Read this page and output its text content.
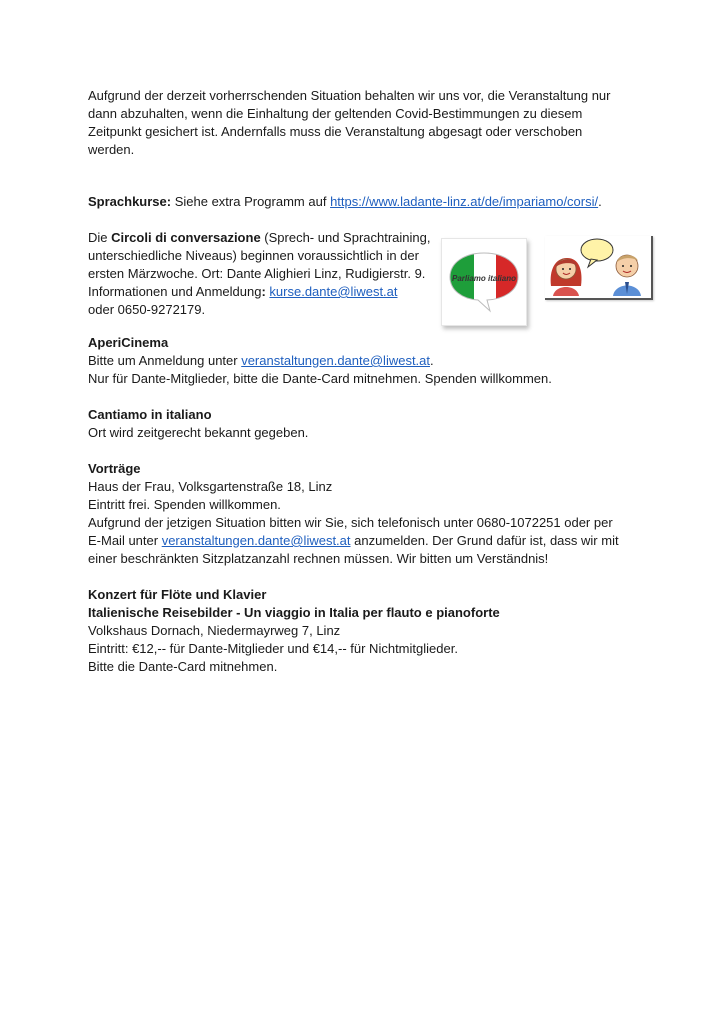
Aufgrund der derzeit vorherrschenden Situation behalten wir uns vor, die Veranstaltung nur
dann abzuhalten, wenn die Einhaltung der geltenden Covid-Bestimmungen zu diesem
Zeitpunkt gesichert ist. Andernfalls muss die Veranstaltung abgesagt oder verschoben
werden.
Sprachkurse: Siehe extra Programm auf https://www.ladante-linz.at/de/impariamo/corsi/.
Die Circoli di conversazione (Sprech- und Sprachtraining,
unterschiedliche Niveaus) beginnen voraussichtlich in der
ersten Märzwoche. Ort: Dante Alighieri Linz, Rudigierstr. 9.
Informationen und Anmeldung: kurse.dante@liwest.at
oder 0650-9272179.
Parliamo italiano
AperiCinema
Bitte um Anmeldung unter veranstaltungen.dante@liwest.at.
Nur für Dante-Mitglieder, bitte die Dante-Card mitnehmen. Spenden willkommen.
Cantiamo in italiano
Ort wird zeitgerecht bekannt gegeben.
Vorträge
Haus der Frau, Volksgartenstraße 18, Linz
Eintritt frei. Spenden willkommen.
Aufgrund der jetzigen Situation bitten wir Sie, sich telefonisch unter 0680-1072251 oder per
E-Mail unter veranstaltungen.dante@liwest.at anzumelden. Der Grund dafür ist, dass wir mit
einer beschränkten Sitzplatzanzahl rechnen müssen. Wir bitten um Verständnis!
Konzert für Flöte und Klavier
Italienische Reisebilder - Un viaggio in Italia per flauto e pianoforte
Volkshaus Dornach, Niedermayrweg 7, Linz
Eintritt: €12,-- für Dante-Mitglieder und €14,-- für Nichtmitglieder.
Bitte die Dante-Card mitnehmen.
